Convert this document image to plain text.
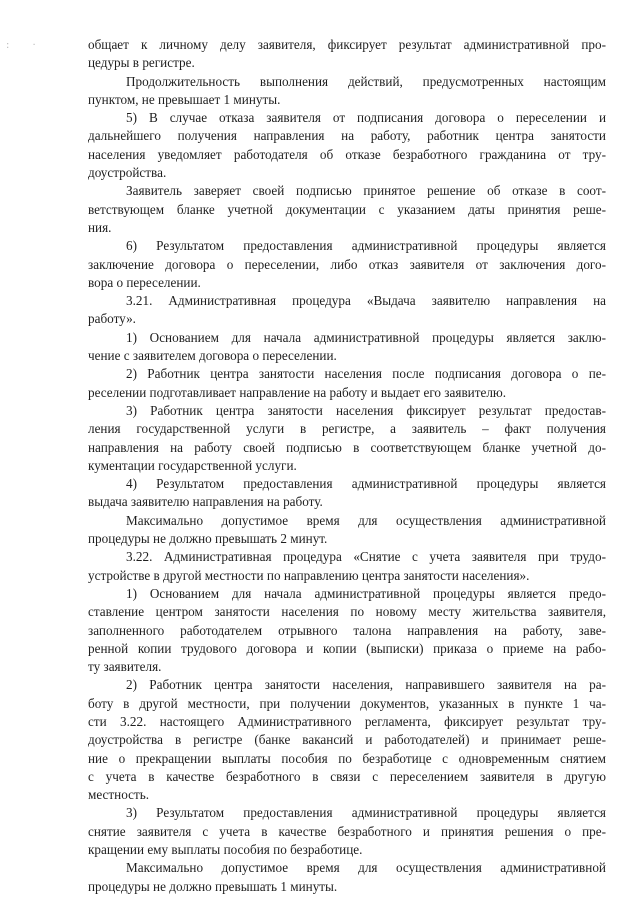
: ·	общает к личному делу заявителя, фиксирует результат административной про-
цедуры в регистре.
Продолжительность выполнения действий, предусмотренных настоящим
пунктом, не превышает 1 минуты.
5) В случае отказа заявителя от подписания договора о переселении и
дальнейшего получения направления на работу, работник центра занятости
населения уведомляет работодателя об отказе безработного гражданина от тру-
доустройства.
Заявитель заверяет своей подписью принятое решение об отказе в соот-
ветствующем бланке учетной документации с указанием даты принятия реше-
ния.
6) Результатом предоставления административной процедуры является
заключение договора о переселении, либо отказ заявителя от заключения дого-
вора о переселении.
3.21. Административная процедура «Выдача заявителю направления на
работу».
1) Основанием для начала административной процедуры является заклю-
чение с заявителем договора о переселении.
2) Работник центра занятости населения после подписания договора о пе-
реселении подготавливает направление на работу и выдает его заявителю.
3) Работник центра занятости населения фиксирует результат предостав-
ления государственной услуги в регистре, а заявитель – факт получения
направления на работу своей подписью в соответствующем бланке учетной до-
кументации государственной услуги.
4) Результатом предоставления административной процедуры является
выдача заявителю направления на работу.
Максимально допустимое время для осуществления административной
процедуры не должно превышать 2 минут.
3.22. Административная процедура «Снятие с учета заявителя при трудо-
устройстве в другой местности по направлению центра занятости населения».
1) Основанием для начала административной процедуры является предо-
ставление центром занятости населения по новому месту жительства заявителя,
заполненного работодателем отрывного талона направления на работу, заве-
ренной копии трудового договора и копии (выписки) приказа о приеме на рабо-
ту заявителя.
2) Работник центра занятости населения, направившего заявителя на ра-
боту в другой местности, при получении документов, указанных в пункте 1 ча-
сти 3.22. настоящего Административного регламента, фиксирует результат тру-
доустройства в регистре (банке вакансий и работодателей) и принимает реше-
ние о прекращении выплаты пособия по безработице с одновременным снятием
с учета в качестве безработного в связи с переселением заявителя в другую
местность.
3) Результатом предоставления административной процедуры является
снятие заявителя с учета в качестве безработного и принятия решения о пре-
кращении ему выплаты пособия по безработице.
Максимально допустимое время для осуществления административной
процедуры не должно превышать 1 минуты.
